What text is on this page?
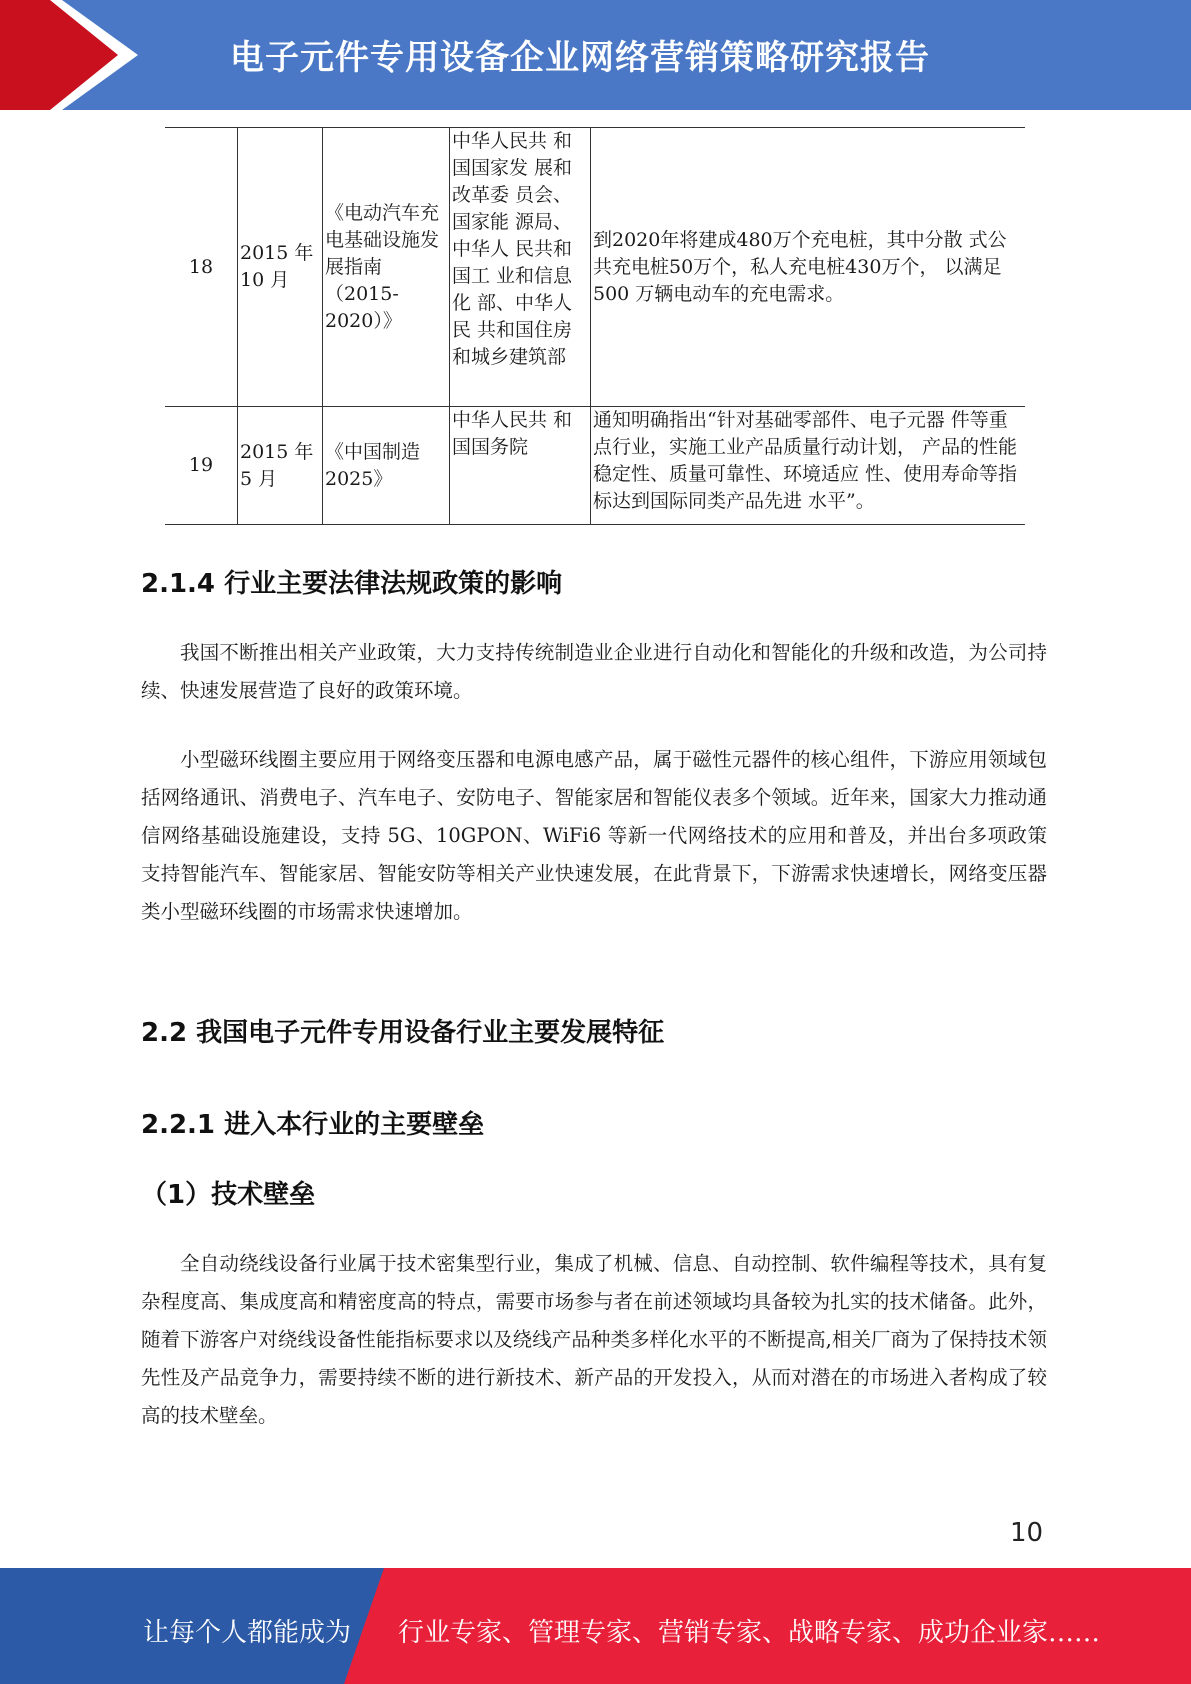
电子元件专用设备企业网络营销策略研究报告
18	2015 年 10 月	《电动汽车充电基础设施发展指南（2015-2020）》	中华人民共 和国国家发 展和改革委 员会、国家能 源局、中华人 民共和国工 业和信息化 部、中华人民 共和国住房和城乡建筑部	到2020年将建成480万个充电桩，其中分散 式公共充电桩50万个，私人充电桩430万个， 以满足 500 万辆电动车的充电需求。
19	2015 年 5 月	《中国制造 2025》	中华人民共 和国国务院	通知明确指出“针对基础零部件、电子元器 件等重点行业，实施工业产品质量行动计划， 产品的性能稳定性、质量可靠性、环境适应 性、使用寿命等指标达到国际同类产品先进 水平”。
2.1.4 行业主要法律法规政策的影响
我国不断推出相关产业政策，大力支持传统制造业企业进行自动化和智能化的升级和改造，为公司持续、快速发展营造了良好的政策环境。
小型磁环线圈主要应用于网络变压器和电源电感产品，属于磁性元器件的核心组件，下游应用领域包括网络通讯、消费电子、汽车电子、安防电子、智能家居和智能仪表多个领域。近年来，国家大力推动通信网络基础设施建设，支持 5G、10GPON、WiFi6 等新一代网络技术的应用和普及，并出台多项政策支持智能汽车、智能家居、智能安防等相关产业快速发展，在此背景下，下游需求快速增长，网络变压器类小型磁环线圈的市场需求快速增加。
2.2 我国电子元件专用设备行业主要发展特征
2.2.1 进入本行业的主要壁垒
（1）技术壁垒
全自动绕线设备行业属于技术密集型行业，集成了机械、信息、自动控制、软件编程等技术，具有复杂程度高、集成度高和精密度高的特点，需要市场参与者在前述领域均具备较为扎实的技术储备。此外，随着下游客户对绕线设备性能指标要求以及绕线产品种类多样化水平的不断提高,相关厂商为了保持技术领先性及产品竞争力，需要持续不断的进行新技术、新产品的开发投入，从而对潜在的市场进入者构成了较高的技术壁垒。
10
让每个人都能成为 行业专家、管理专家、营销专家、战略专家、成功企业家……
